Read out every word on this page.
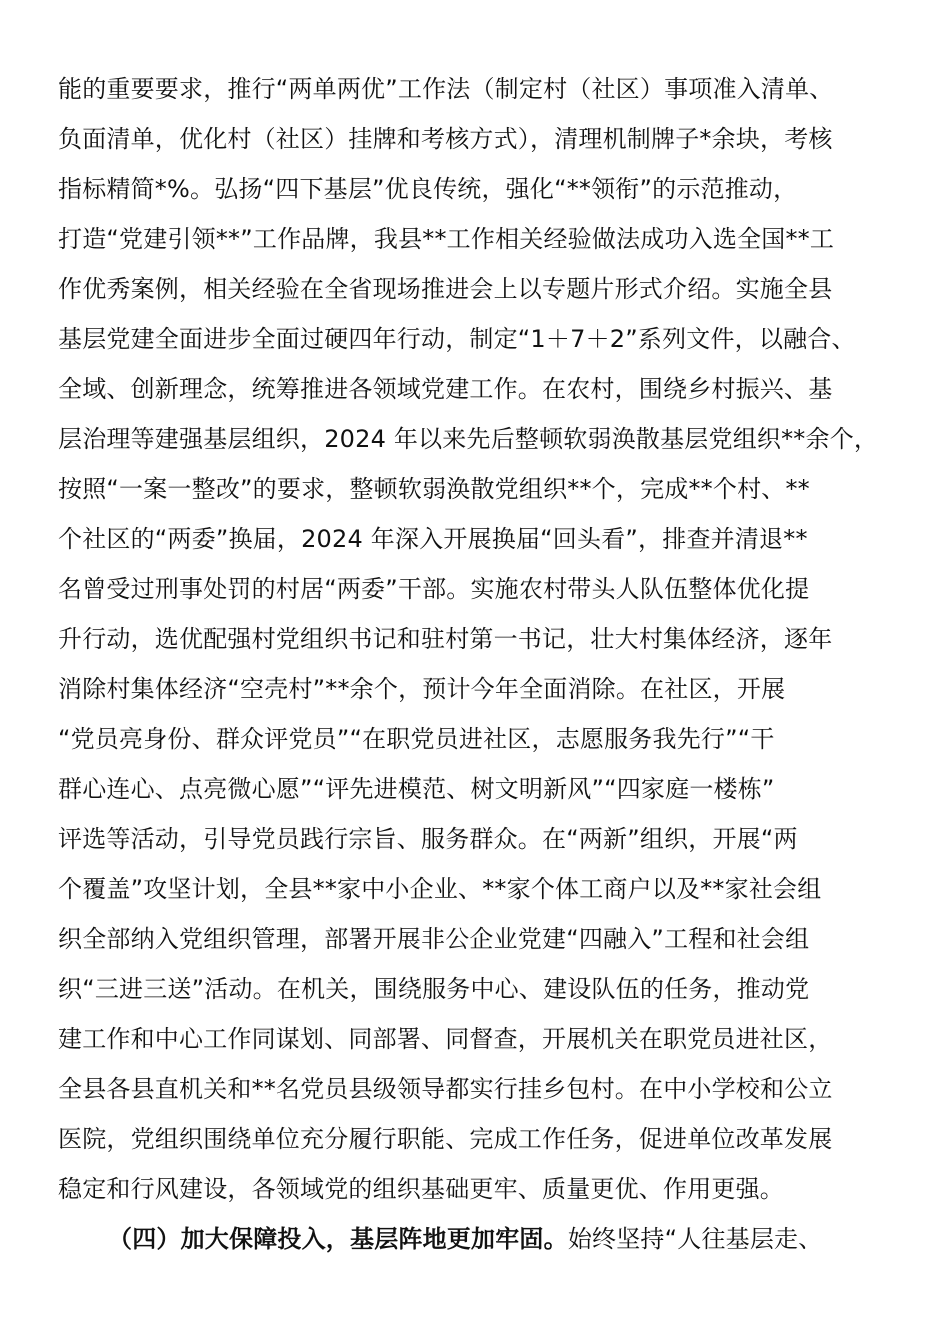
能的重要要求，推行“两单两优”工作法（制定村（社区）事项准入清单、
负面清单，优化村（社区）挂牌和考核方式），清理机制牌子*余块，考核
指标精简*%。弘扬“四下基层”优良传统，强化“**领衔”的示范推动，
打造“党建引领**”工作品牌，我县**工作相关经验做法成功入选全国**工
作优秀案例，相关经验在全省现场推进会上以专题片形式介绍。实施全县
基层党建全面进步全面过硬四年行动，制定“1＋7＋2”系列文件，以融合、
全域、创新理念，统筹推进各领域党建工作。在农村，围绕乡村振兴、基
层治理等建强基层组织，2024 年以来先后整顿软弱涣散基层党组织**余个，
按照“一案一整改”的要求，整顿软弱涣散党组织**个，完成**个村、**
个社区的“两委”换届，2024 年深入开展换届“回头看”，排查并清退**
名曾受过刑事处罚的村居“两委”干部。实施农村带头人队伍整体优化提
升行动，选优配强村党组织书记和驻村第一书记，壮大村集体经济，逐年
消除村集体经济“空壳村”**余个，预计今年全面消除。在社区，开展
“党员亮身份、群众评党员”“在职党员进社区，志愿服务我先行”“干
群心连心、点亮微心愿”“评先进模范、树文明新风”“四家庭一楼栋”
评选等活动，引导党员践行宗旨、服务群众。在“两新”组织，开展“两
个覆盖”攻坚计划，全县**家中小企业、**家个体工商户以及**家社会组
织全部纳入党组织管理，部署开展非公企业党建“四融入”工程和社会组
织“三进三送”活动。在机关，围绕服务中心、建设队伍的任务，推动党
建工作和中心工作同谋划、同部署、同督查，开展机关在职党员进社区，
全县各县直机关和**名党员县级领导都实行挂乡包村。在中小学校和公立
医院，党组织围绕单位充分履行职能、完成工作任务，促进单位改革发展
稳定和行风建设，各领域党的组织基础更牢、质量更优、作用更强。
（四）加大保障投入，基层阵地更加牢固。始终坚持“人往基层走、
